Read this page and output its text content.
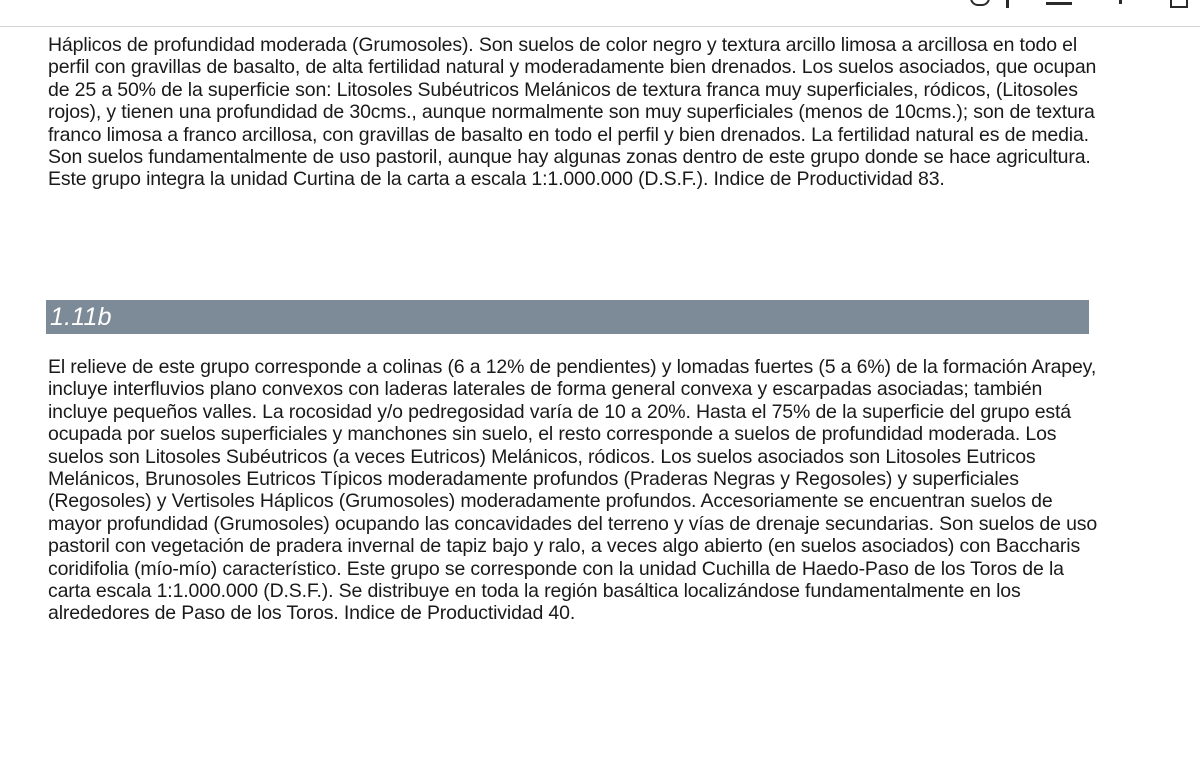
Háplicos de profundidad moderada (Grumosoles). Son suelos de color negro y textura arcillo limosa a arcillosa en todo el perfil con gravillas de basalto, de alta fertilidad natural y moderadamente bien drenados. Los suelos asociados, que ocupan de 25 a 50% de la superficie son: Litosoles Subéutricos Melánicos de textura franca muy superficiales, ródicos, (Litosoles rojos), y tienen una profundidad de 30cms., aunque normalmente son muy superficiales (menos de 10cms.); son de textura franco limosa a franco arcillosa, con gravillas de basalto en todo el perfil y bien drenados. La fertilidad natural es de media. Son suelos fundamentalmente de uso pastoril, aunque hay algunas zonas dentro de este grupo donde se hace agricultura. Este grupo integra la unidad Curtina de la carta a escala 1:1.000.000 (D.S.F.). Indice de Productividad 83.

1.11b

El relieve de este grupo corresponde a colinas (6 a 12% de pendientes) y lomadas fuertes (5 a 6%) de la formación Arapey, incluye interfluvios plano convexos con laderas laterales de forma general convexa y escarpadas asociadas; también incluye pequeños valles. La rocosidad y/o pedregosidad varía de 10 a 20%. Hasta el 75% de la superficie del grupo está ocupada por suelos superficiales y manchones sin suelo, el resto corresponde a suelos de profundidad moderada. Los suelos son Litosoles Subéutricos (a veces Eutricos) Melánicos, ródicos. Los suelos asociados son Litosoles Eutricos Melánicos, Brunosoles Eutricos Típicos moderadamente profundos (Praderas Negras y Regosoles) y superficiales (Regosoles) y Vertisoles Háplicos (Grumosoles) moderadamente profundos. Accesoriamente se encuentran suelos de mayor profundidad (Grumosoles) ocupando las concavidades del terreno y vías de drenaje secundarias. Son suelos de uso pastoril con vegetación de pradera invernal de tapiz bajo y ralo, a veces algo abierto (en suelos asociados) con Baccharis coridifolia (mío-mío) característico. Este grupo se corresponde con la unidad Cuchilla de Haedo-Paso de los Toros de la carta escala 1:1.000.000 (D.S.F.). Se distribuye en toda la región basáltica localizándose fundamentalmente en los alrededores de Paso de los Toros. Indice de Productividad 40.
